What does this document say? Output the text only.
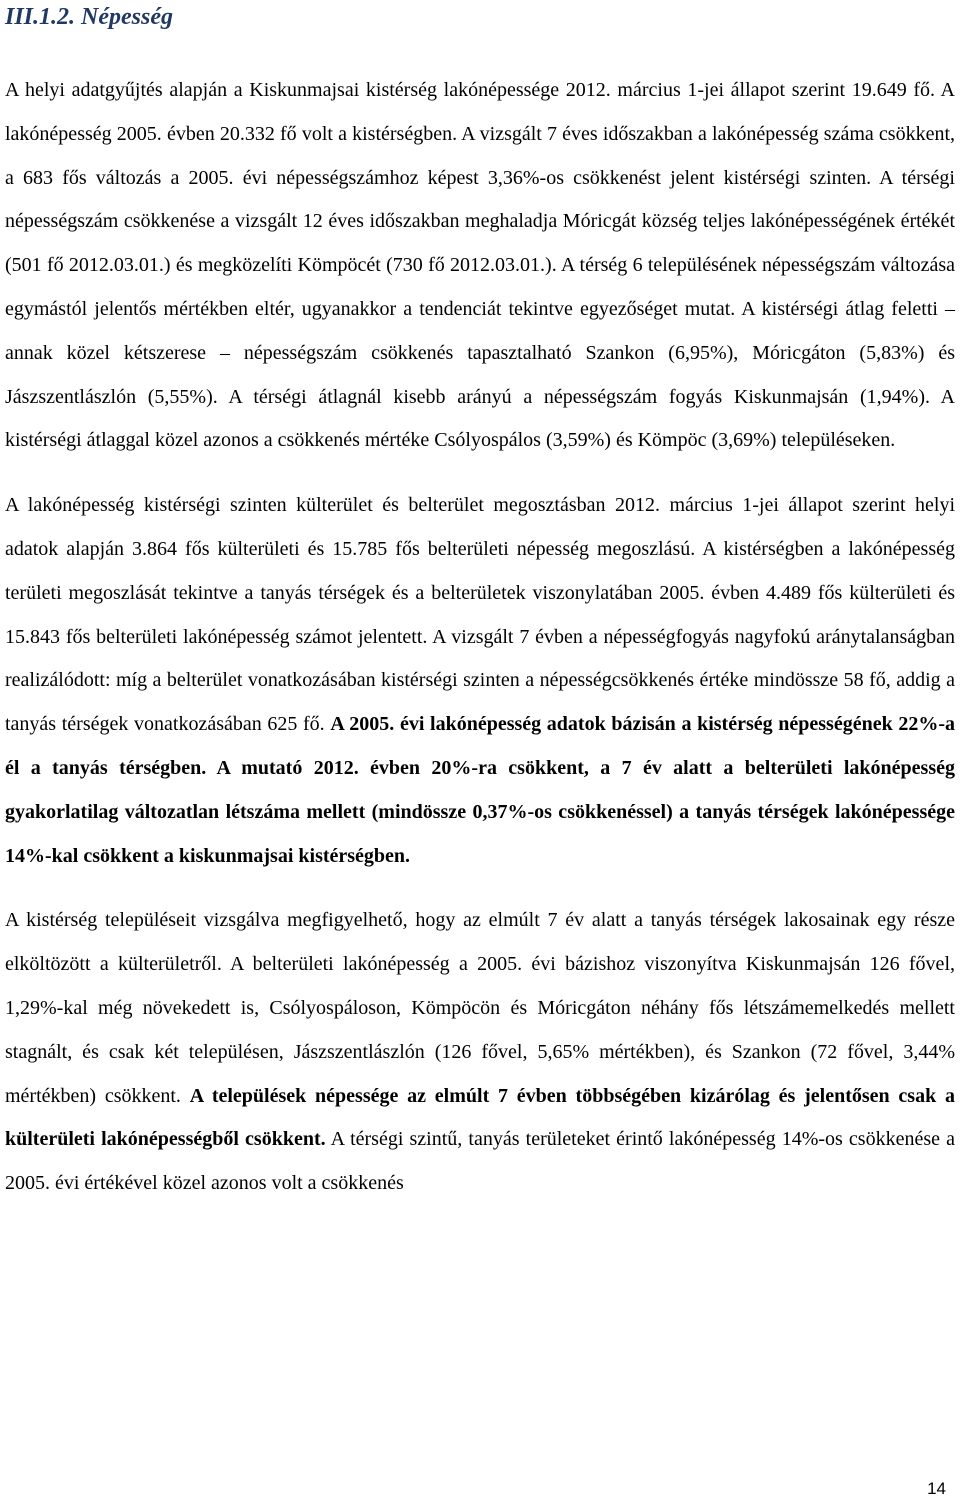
III.1.2. Népesség

A helyi adatgyűjtés alapján a Kiskunmajsai kistérség lakónépessége 2012. március 1-jei állapot szerint 19.649 fő. A lakónépesség 2005. évben 20.332 fő volt a kistérségben. A vizsgált 7 éves időszakban a lakónépesség száma csökkent, a 683 fős változás a 2005. évi népességszámhoz képest 3,36%-os csökkenést jelent kistérségi szinten. A térségi népességszám csökkenése a vizsgált 12 éves időszakban meghaladja Móricgát község teljes lakónépességének értékét (501 fő 2012.03.01.) és megközelíti Kömpöcét (730 fő 2012.03.01.). A térség 6 településének népességszám változása egymástól jelentős mértékben eltér, ugyanakkor a tendenciát tekintve egyezőséget mutat. A kistérségi átlag feletti – annak közel kétszerese – népességszám csökkenés tapasztalható Szankon (6,95%), Móricgáton (5,83%) és Jászszentlászlón (5,55%). A térségi átlagnál kisebb arányú a népességszám fogyás Kiskunmajsán (1,94%). A kistérségi átlaggal közel azonos a csökkenés mértéke Csólyospálos (3,59%) és Kömpöc (3,69%) településeken.

A lakónépesség kistérségi szinten külterület és belterület megosztásban 2012. március 1-jei állapot szerint helyi adatok alapján 3.864 fős külterületi és 15.785 fős belterületi népesség megoszlású. A kistérségben a lakónépesség területi megoszlását tekintve a tanyás térségek és a belterületek viszonylatában 2005. évben 4.489 fős külterületi és 15.843 fős belterületi lakónépesség számot jelentett. A vizsgált 7 évben a népességfogyás nagyfokú aránytalanságban realizálódott: míg a belterület vonatkozásában kistérségi szinten a népességcsökkenés értéke mindössze 58 fő, addig a tanyás térségek vonatkozásában 625 fő. A 2005. évi lakónépesség adatok bázisán a kistérség népességének 22%-a él a tanyás térségben. A mutató 2012. évben 20%-ra csökkent, a 7 év alatt a belterületi lakónépesség gyakorlatilag változatlan létszáma mellett (mindösszе 0,37%-os csökkenéssel) a tanyás térségek lakónépessége 14%-kal csökkent a kiskunmajsai kistérségben.

A kistérség településeit vizsgálva megfigyelhető, hogy az elmúlt 7 év alatt a tanyás térségek lakosainak egy része elköltözött a külterületről. A belterületi lakónépesség a 2005. évi bázishoz viszonyítva Kiskunmajsán 126 fővel, 1,29%-kal még növekedett is, Csólyospáloson, Kömpöcön és Móricgáton néhány fős létszámemelkedés mellett stagnált, és csak két településen, Jászszentlászlón (126 fővel, 5,65% mértékben), és Szankon (72 fővel, 3,44% mértékben) csökkent. A települések népessége az elmúlt 7 évben többségében kizárólag és jelentősen csak a külterületi lakónépességből csökkent. A térségi szintű, tanyás területeket érintő lakónépesség 14%-os csökkenése a 2005. évi értékével közel azonos volt a csökkenés

14
